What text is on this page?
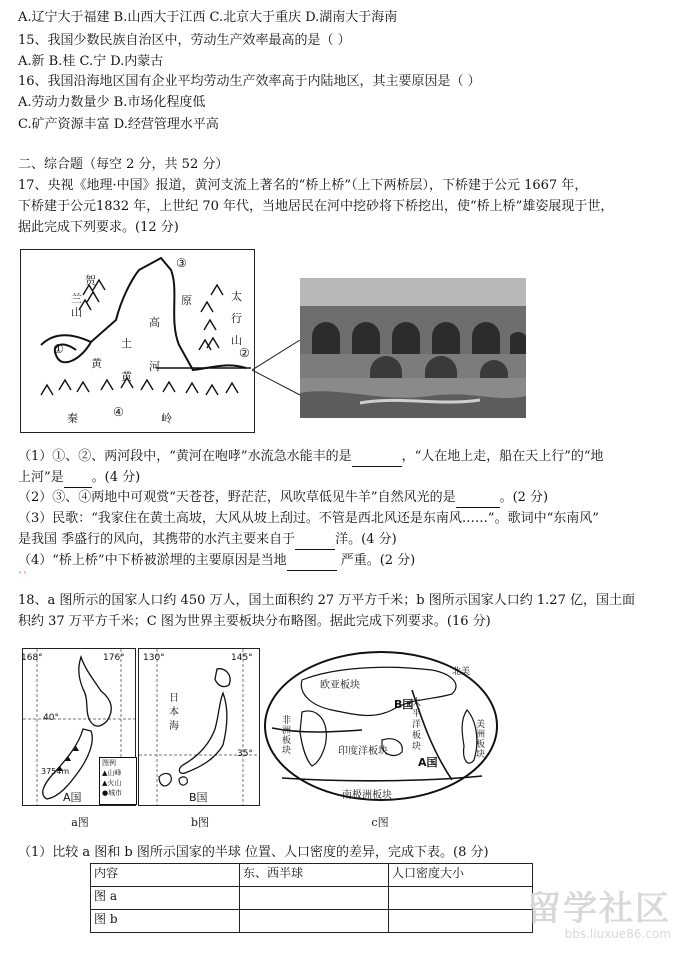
A.辽宁大于福建 B.山西大于江西 C.北京大于重庆 D.湖南大于海南
15、我国少数民族自治区中，劳动生产效率最高的是（ ）
A.新 B.桂 C.宁 D.内蒙古
16、我国沿海地区国有企业平均劳动生产效率高于内陆地区，其主要原因是（ ）
A.劳动力数量少 B.市场化程度低
C.矿产资源丰富 D.经营管理水平高
二、综合题（每空 2 分，共 52 分）
17、央视《地理·中国》报道，黄河支流上著名的“桥上桥”（上下两桥层），下桥建于公元 1667 年，
下桥建于公元1832 年，上世纪 70 年代，当地居民在河中挖砂将下桥挖出，使“桥上桥”雄姿展现于世，
据此完成下列要求。(12 分)
贺
兰
山
太
行
山
黄
土
高
原
黄
河
秦	岭
①	②
③
④
（1）①、②、两河段中，“黄河在咆哮”水流急水能丰的是	，“人在地上走，船在天上行”的“地
上河”是 。(4 分)
（2）③、④两地中可观赏“天苍苍，野茫茫，风吹草低见牛羊”自然风光的是	。(2 分)
（3）民歌：“我家住在黄土高坡，大风从坡上刮过。不管是西北风还是东南风……”。歌词中“东南风”
是我国 季盛行的风向，其携带的水汽主要来自于	洋。(4 分)
（4）“桥上桥”中下桥被淤埋的主要原因是当地	严重。(2 分)
``
18、a 图所示的国家人口约 450 万人，国土面积约 27 万平方千米；b 图所示国家人口约 1.27 亿，国土面
积约 37 万平方千米；C 图为世界主要板块分布略图。据此完成下列要求。(16 分)
168°	176°
40°
3754m
A国
图例
▲山峰
▲火山
●城市
a图
130°	145°
35°
日
本
海
B国
b图
欧亚板块
太平洋板块
非洲板块	印度洋板块
南极洲板块
美洲板块
北美
B国
A国
c图
（1）比较 a 图和 b 图所示国家的半球 位置、人口密度的差异，完成下表。(8 分)
内容	东、西半球	人口密度大小
图 a		
图 b			留学社区
bbs.liuxue86.com
